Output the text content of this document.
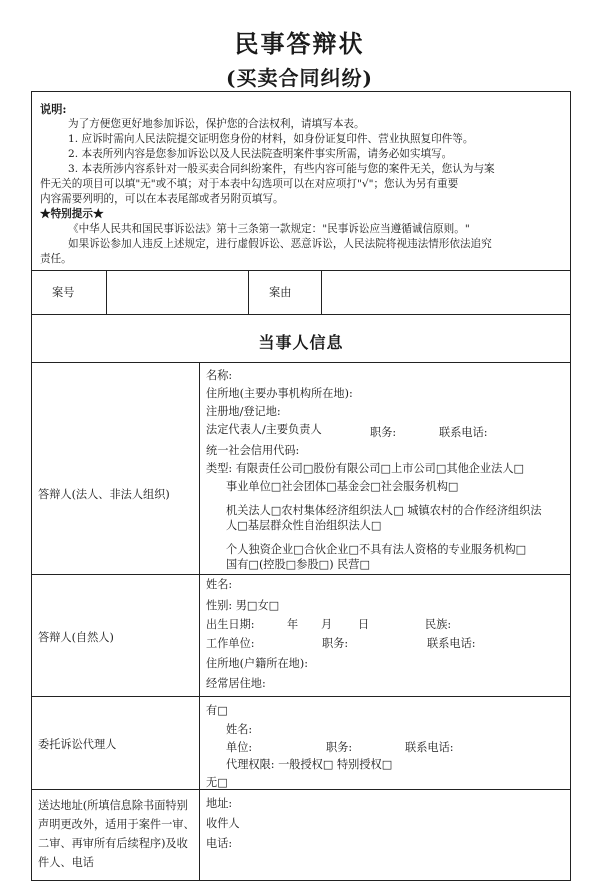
民事答辩状
(买卖合同纠纷)
说明:
为了方便您更好地参加诉讼，保护您的合法权利，请填写本表。
1. 应诉时需向人民法院提交证明您身份的材料，如身份证复印件、营业执照复印件等。
2. 本表所列内容是您参加诉讼以及人民法院查明案件事实所需，请务必如实填写。
3. 本表所涉内容系针对一般买卖合同纠纷案件，有些内容可能与您的案件无关，您认为与案
件无关的项目可以填"无"或不填；对于本表中勾选项可以在对应项打"√"；您认为另有重要
内容需要列明的，可以在本表尾部或者另附页填写。
★特别提示★
《中华人民共和国民事诉讼法》第十三条第一款规定："民事诉讼应当遵循诚信原则。"
如果诉讼参加人违反上述规定，进行虚假诉讼、恶意诉讼，人民法院将视违法情形依法追究
责任。
案号	案由
当事人信息
答辩人(法人、非法人组织)
名称:
住所地(主要办事机构所在地):
注册地/登记地:
法定代表人/主要负责人	职务:	联系电话:
统一社会信用代码:
类型: 有限责任公司□股份有限公司□上市公司□其他企业法人□
事业单位□社会团体□基金会□社会服务机构□
机关法人□农村集体经济组织法人□ 城镇农村的合作经济组织法
人□基层群众性自治组织法人□
个人独资企业□合伙企业□不具有法人资格的专业服务机构□
国有□(控股□参股□) 民营□
答辩人(自然人)
姓名:
性别: 男□女□
出生日期:	年 月 日	民族:
工作单位:	职务:	联系电话:
住所地(户籍所在地):
经常居住地:
委托诉讼代理人
有□
姓名:
单位:	职务:	联系电话:
代理权限: 一般授权□ 特别授权□
无□
送达地址(所填信息除书面特别
声明更改外，适用于案件一审、
二审、再审所有后续程序)及收
件人、电话
地址:
收件人
电话:
